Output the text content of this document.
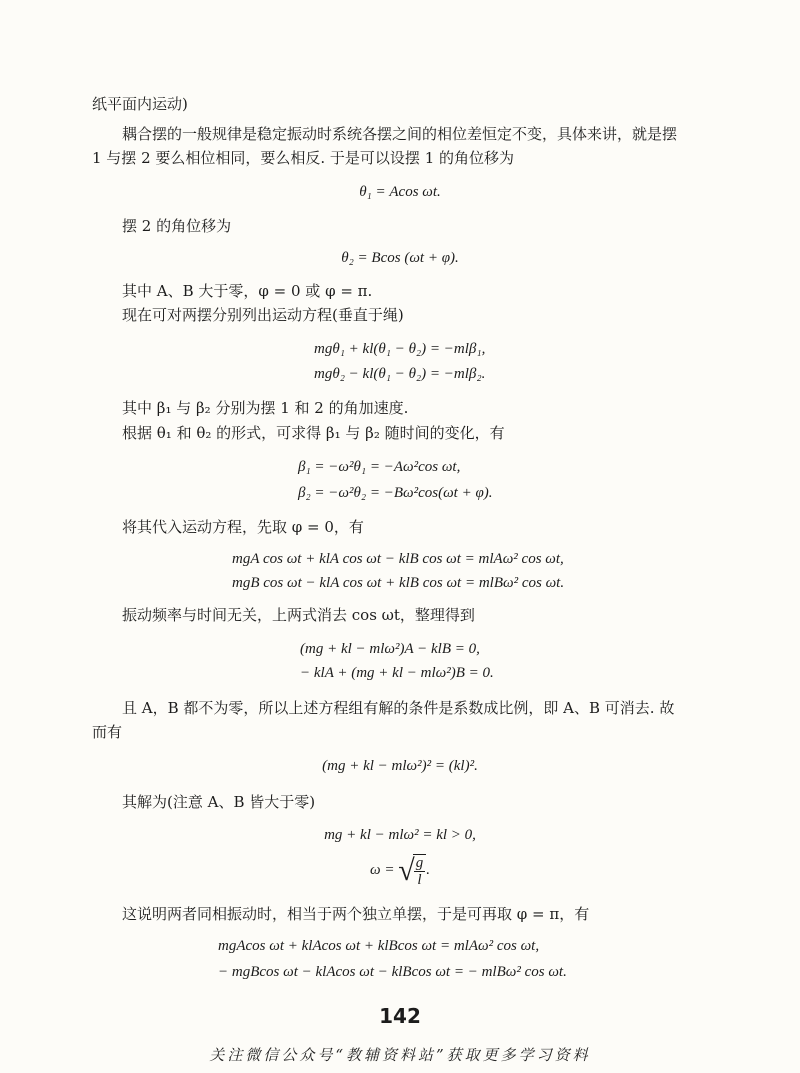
纸平面内运动)
耦合摆的一般规律是稳定振动时系统各摆之间的相位差恒定不变，具体来讲，就是摆
1 与摆 2 要么相位相同，要么相反. 于是可以设摆 1 的角位移为
θ₁ = Acos ωt.
摆 2 的角位移为
θ₂ = Bcos (ωt + φ).
其中 A、B 大于零，φ = 0 或 φ = π.
现在可对两摆分别列出运动方程(垂直于绳)
mgθ₁ + kl(θ₁ − θ₂) = −mlβ₁,
mgθ₂ − kl(θ₁ − θ₂) = −mlβ₂.
其中 β₁ 与 β₂ 分别为摆 1 和 2 的角加速度.
根据 θ₁ 和 θ₂ 的形式，可求得 β₁ 与 β₂ 随时间的变化，有
β₁ = −ω²θ₁ = −Aω²cos ωt,
β₂ = −ω²θ₂ = −Bω²cos(ωt + φ).
将其代入运动方程，先取 φ = 0，有
mgA cos ωt + klA cos ωt − klB cos ωt = mlAω² cos ωt,
mgB cos ωt − klA cos ωt + klB cos ωt = mlBω² cos ωt.
振动频率与时间无关，上两式消去 cos ωt，整理得到
(mg + kl − mlω²)A − klB = 0,
− klA + (mg + kl − mlω²)B = 0.
且 A，B 都不为零，所以上述方程组有解的条件是系数成比例，即 A、B 可消去. 故
而有
(mg + kl − mlω²)² = (kl)².
其解为(注意 A、B 皆大于零)
mg + kl − mlω² = kl > 0,
ω = √
$\frac{g}{l}$ .
这说明两者同相振动时，相当于两个独立单摆，于是可再取 φ = π，有
mgAcos ωt + klAcos ωt + klBcos ωt = mlAω² cos ωt,
− mgBcos ωt − klAcos ωt − klBcos ωt = − mlBω² cos ωt.
142
关注微信公众号“教辅资料站”获取更多学习资料
